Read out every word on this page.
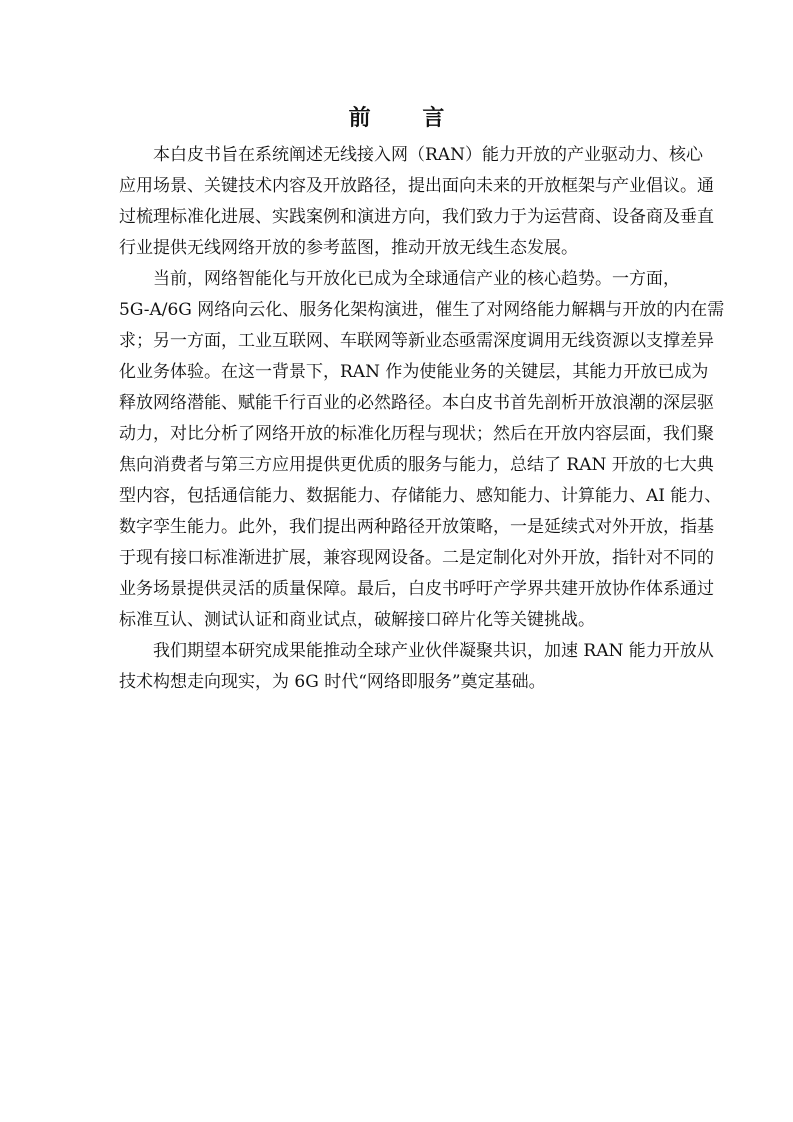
前 言
本白皮书旨在系统阐述无线接入网（RAN）能力开放的产业驱动力、核心
应用场景、关键技术内容及开放路径，提出面向未来的开放框架与产业倡议。通
过梳理标准化进展、实践案例和演进方向，我们致力于为运营商、设备商及垂直
行业提供无线网络开放的参考蓝图，推动开放无线生态发展。
当前，网络智能化与开放化已成为全球通信产业的核心趋势。一方面，
5G-A/6G 网络向云化、服务化架构演进，催生了对网络能力解耦与开放的内在需
求；另一方面，工业互联网、车联网等新业态亟需深度调用无线资源以支撑差异
化业务体验。在这一背景下，RAN 作为使能业务的关键层，其能力开放已成为
释放网络潜能、赋能千行百业的必然路径。本白皮书首先剖析开放浪潮的深层驱
动力，对比分析了网络开放的标准化历程与现状；然后在开放内容层面，我们聚
焦向消费者与第三方应用提供更优质的服务与能力，总结了 RAN 开放的七大典
型内容，包括通信能力、数据能力、存储能力、感知能力、计算能力、AI 能力、
数字孪生能力。此外，我们提出两种路径开放策略，一是延续式对外开放，指基
于现有接口标准渐进扩展，兼容现网设备。二是定制化对外开放，指针对不同的
业务场景提供灵活的质量保障。最后，白皮书呼吁产学界共建开放协作体系通过
标准互认、测试认证和商业试点，破解接口碎片化等关键挑战。
我们期望本研究成果能推动全球产业伙伴凝聚共识，加速 RAN 能力开放从
技术构想走向现实，为 6G 时代“网络即服务”奠定基础。
